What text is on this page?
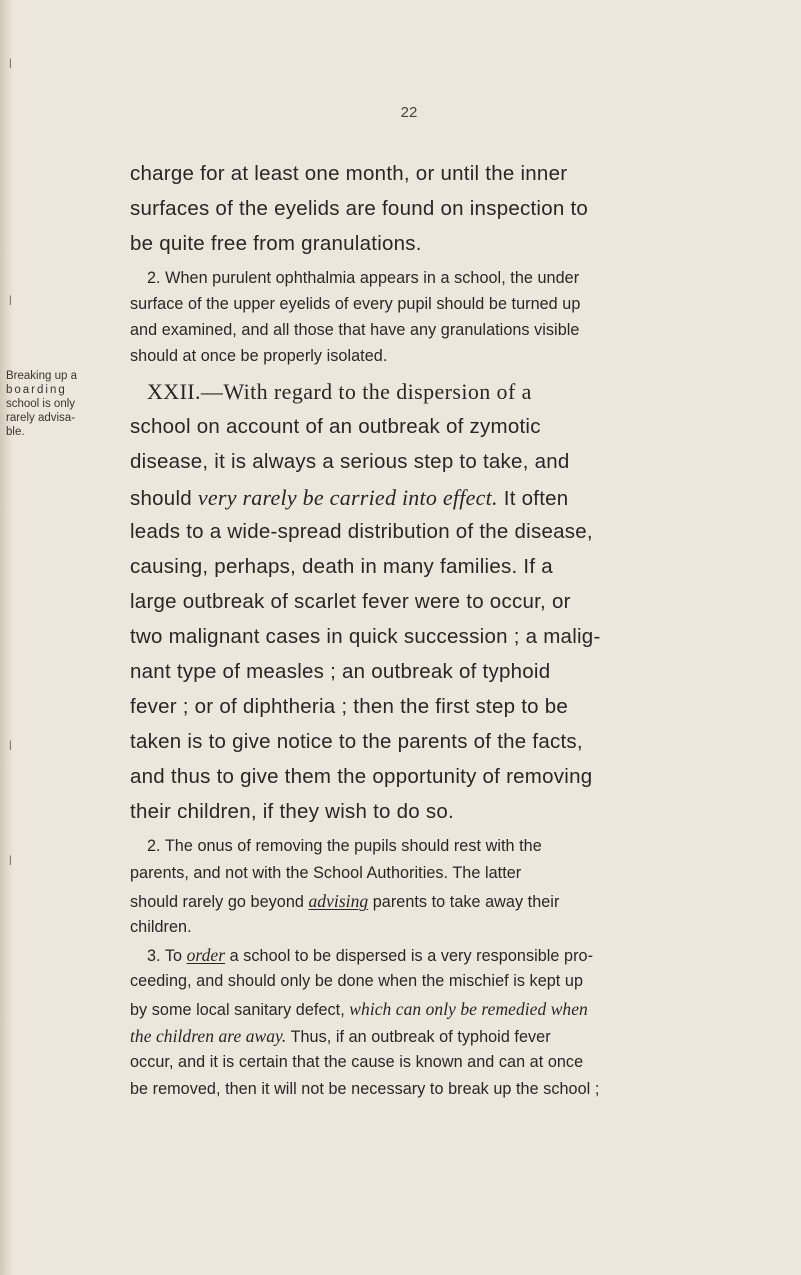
22
Breaking up a
boarding
school is only
rarely advisa-
ble.
charge for at least one month, or until the inner
surfaces of the eyelids are found on inspection to
be quite free from granulations.
2. When purulent ophthalmia appears in a school, the under
surface of the upper eyelids of every pupil should be turned up
and examined, and all those that have any granulations visible
should at once be properly isolated.
XXII.—With regard to the dispersion of a
school on account of an outbreak of zymotic
disease, it is always a serious step to take, and
should very rarely be carried into effect. It often
leads to a wide-spread distribution of the disease,
causing, perhaps, death in many families. If a
large outbreak of scarlet fever were to occur, or
two malignant cases in quick succession ; a malig-
nant type of measles ; an outbreak of typhoid
fever ; or of diphtheria ; then the first step to be
taken is to give notice to the parents of the facts,
and thus to give them the opportunity of removing
their children, if they wish to do so.
2. The onus of removing the pupils should rest with the
parents, and not with the School Authorities. The latter
should rarely go beyond advising parents to take away their
children.
3. To order a school to be dispersed is a very responsible pro-
ceeding, and should only be done when the mischief is kept up
by some local sanitary defect, which can only be remedied when
the children are away. Thus, if an outbreak of typhoid fever
occur, and it is certain that the cause is known and can at once
be removed, then it will not be necessary to break up the school ;
|
|
|
|
